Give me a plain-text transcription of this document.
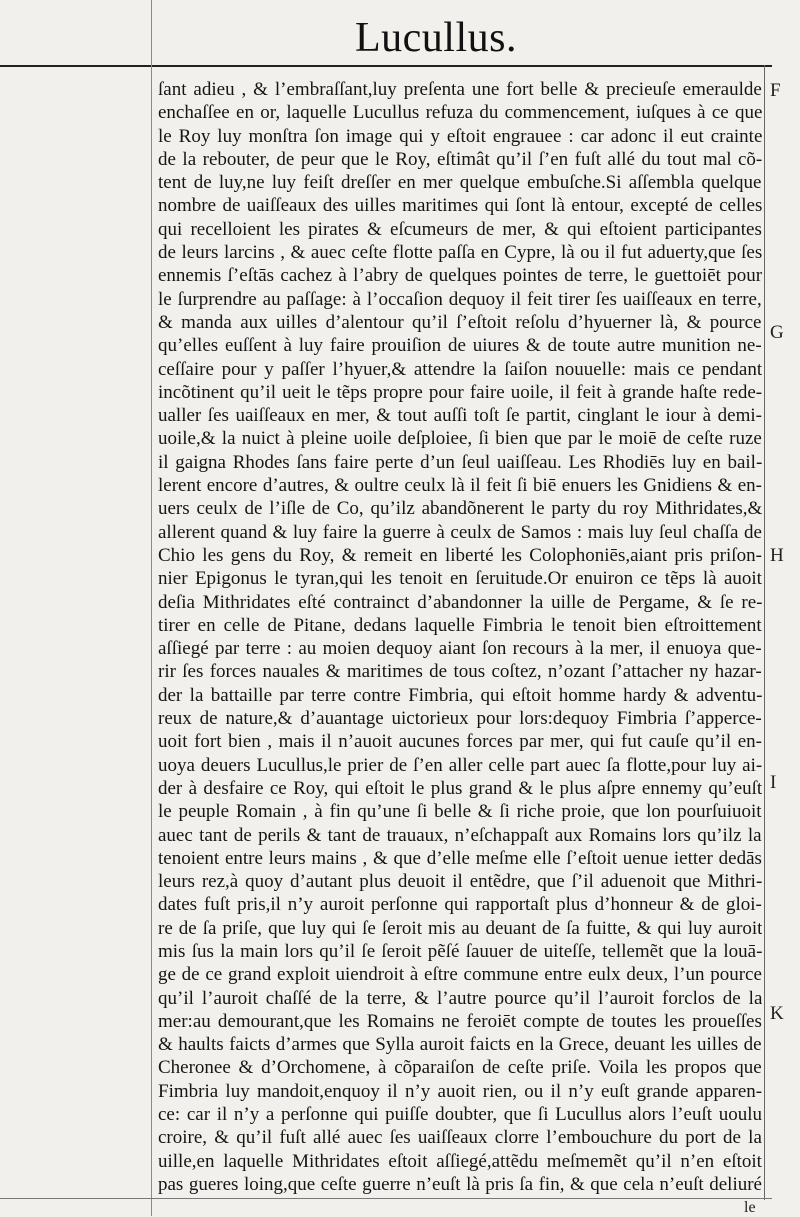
Lucullus.
ſant adieu , & l’embraſſant,luy preſenta une fort belle & precieuſe emeraulde
enchaſſee en or, laquelle Lucullus refuza du commencement, iuſques à ce que
le Roy luy monſtra ſon image qui y eſtoit engrauee : car adonc il eut crainte
de la rebouter, de peur que le Roy, eſtimât qu’il ſ’en fuſt allé du tout mal cõ-
tent de luy,ne luy feiſt dreſſer en mer quelque embuſche.Si aſſembla quelque
nombre de uaiſſeaux des uilles maritimes qui ſont là entour, excepté de celles
qui recelloient les pirates & eſcumeurs de mer, & qui eſtoient participantes
de leurs larcins , & auec ceſte flotte paſſa en Cypre, là ou il fut aduerty,que ſes
ennemis ſ’eſtās cachez à l’abry de quelques pointes de terre, le guettoiēt pour
le ſurprendre au paſſage: à l’occaſion dequoy il feit tirer ſes uaiſſeaux en terre,
& manda aux uilles d’alentour qu’il ſ’eſtoit reſolu d’hyuerner là, & pource
qu’elles euſſent à luy faire prouiſion de uiures & de toute autre munition ne-
ceſſaire pour y paſſer l’hyuer,& attendre la ſaiſon nouuelle: mais ce pendant
incõtinent qu’il ueit le tẽps propre pour faire uoile, il feit à grande haſte rede-
ualler ſes uaiſſeaux en mer, & tout auſſi toſt ſe partit, cinglant le iour à demi-
uoile,& la nuict à pleine uoile deſploiee, ſi bien que par le moiē de ceſte ruze
il gaigna Rhodes ſans faire perte d’un ſeul uaiſſeau. Les Rhodiēs luy en bail-
lerent encore d’autres, & oultre ceulx là il feit ſi biē enuers les Gnidiens & en-
uers ceulx de l’iſle de Co, qu’ilz abandõnerent le party du roy Mithridates,&
allerent quand & luy faire la guerre à ceulx de Samos : mais luy ſeul chaſſa de
Chio les gens du Roy, & remeit en liberté les Colophoniēs,aiant pris priſon-
nier Epigonus le tyran,qui les tenoit en ſeruitude.Or enuiron ce tẽps là auoit
deſia Mithridates eſté contrainct d’abandonner la uille de Pergame, & ſe re-
tirer en celle de Pitane, dedans laquelle Fimbria le tenoit bien eſtroittement
aſſiegé par terre : au moien dequoy aiant ſon recours à la mer, il enuoya que-
rir ſes forces nauales & maritimes de tous coſtez, n’ozant ſ’attacher ny hazar-
der la battaille par terre contre Fimbria, qui eſtoit homme hardy & adventu-
reux de nature,& d’auantage uictorieux pour lors:dequoy Fimbria ſ’apperce-
uoit fort bien , mais il n’auoit aucunes forces par mer, qui fut cauſe qu’il en-
uoya deuers Lucullus,le prier de ſ’en aller celle part auec ſa flotte,pour luy ai-
der à desfaire ce Roy, qui eſtoit le plus grand & le plus aſpre ennemy qu’euſt
le peuple Romain , à fin qu’une ſi belle & ſi riche proie, que lon pourſuiuoit
auec tant de perils & tant de trauaux, n’eſchappaſt aux Romains lors qu’ilz la
tenoient entre leurs mains , & que d’elle meſme elle ſ’eſtoit uenue ietter dedās
leurs rez,à quoy d’autant plus deuoit il entẽdre, que ſ’il aduenoit que Mithri-
dates fuſt pris,il n’y auroit perſonne qui rapportaſt plus d’honneur & de gloi-
re de ſa priſe, que luy qui ſe ſeroit mis au deuant de ſa fuitte, & qui luy auroit
mis ſus la main lors qu’il ſe ſeroit pẽſé ſauuer de uiteſſe, tellemẽt que la louā-
ge de ce grand exploit uiendroit à eſtre commune entre eulx deux, l’un pource
qu’il l’auroit chaſſé de la terre, & l’autre pource qu’il l’auroit forclos de la
mer:au demourant,que les Romains ne feroiēt compte de toutes les proueſſes
& haults faicts d’armes que Sylla auroit faicts en la Grece, deuant les uilles de
Cheronee & d’Orchomene, à cõparaiſon de ceſte priſe. Voila les propos que
Fimbria luy mandoit,enquoy il n’y auoit rien, ou il n’y euſt grande apparen-
ce: car il n’y a perſonne qui puiſſe doubter, que ſi Lucullus alors l’euſt uoulu
croire, & qu’il fuſt allé auec ſes uaiſſeaux clorre l’embouchure du port de la
uille,en laquelle Mithridates eſtoit aſſiegé,attẽdu meſmemẽt qu’il n’en eſtoit
pas gueres loing,que ceſte guerre n’euſt là pris ſa fin, & que cela n’euſt deliuré
F
G
H
I
K
le
